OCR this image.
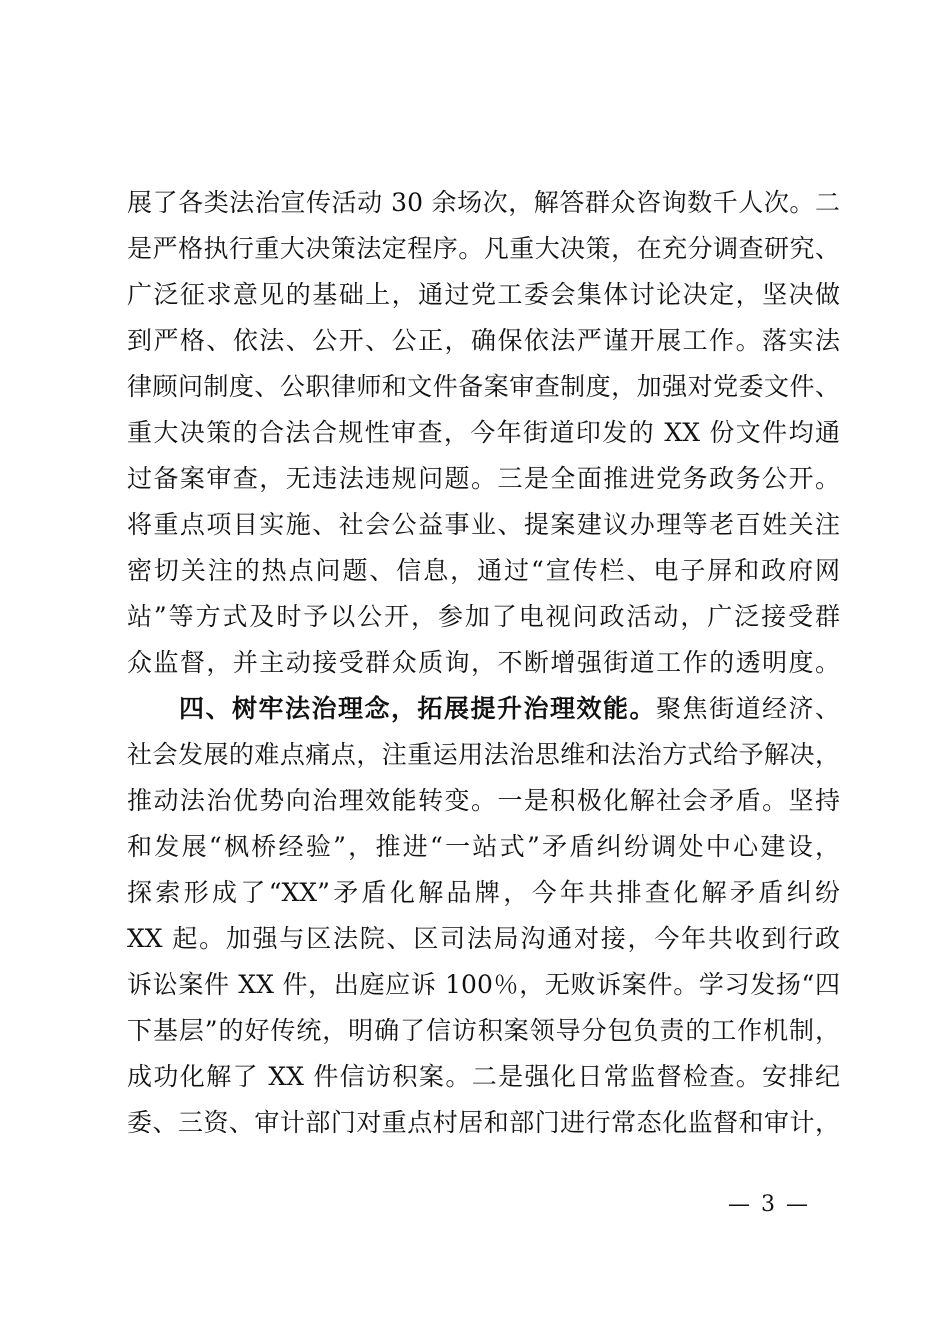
展了各类法治宣传活动 30 余场次，解答群众咨询数千人次。二
是严格执行重大决策法定程序。凡重大决策，在充分调查研究、
广泛征求意见的基础上，通过党工委会集体讨论决定，坚决做
到严格、依法、公开、公正，确保依法严谨开展工作。落实法
律顾问制度、公职律师和文件备案审查制度，加强对党委文件、
重大决策的合法合规性审查，今年街道印发的 XX 份文件均通
过备案审查，无违法违规问题。三是全面推进党务政务公开。
将重点项目实施、社会公益事业、提案建议办理等老百姓关注
密切关注的热点问题、信息，通过“宣传栏、电子屏和政府网
站”等方式及时予以公开，参加了电视问政活动，广泛接受群
众监督，并主动接受群众质询，不断增强街道工作的透明度。
四、树牢法治理念，拓展提升治理效能。聚焦街道经济、
社会发展的难点痛点，注重运用法治思维和法治方式给予解决，
推动法治优势向治理效能转变。一是积极化解社会矛盾。坚持
和发展“枫桥经验”，推进“一站式”矛盾纠纷调处中心建设，
探索形成了“XX”矛盾化解品牌，今年共排查化解矛盾纠纷
XX 起。加强与区法院、区司法局沟通对接，今年共收到行政
诉讼案件 XX 件，出庭应诉 100％，无败诉案件。学习发扬“四
下基层”的好传统，明确了信访积案领导分包负责的工作机制，
成功化解了 XX 件信访积案。二是强化日常监督检查。安排纪
委、三资、审计部门对重点村居和部门进行常态化监督和审计，
— 3 —
